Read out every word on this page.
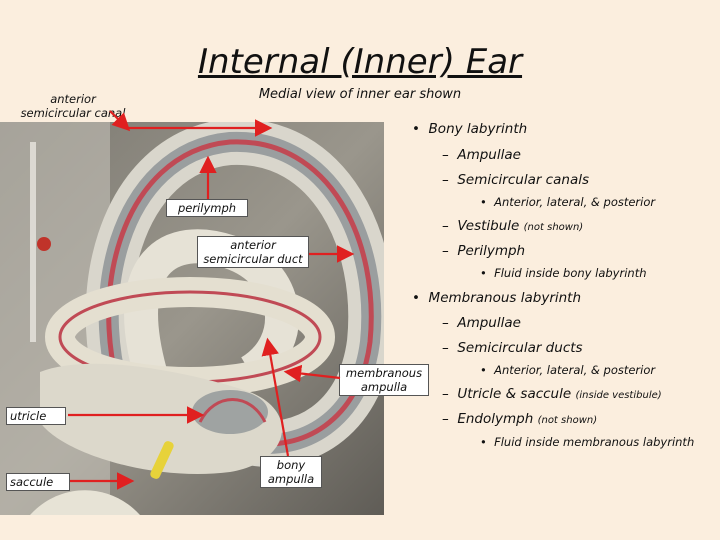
Internal (Inner) Ear
Medial view of inner ear shown
anterior semicircular canal
perilymph
anterior semicircular duct
membranous ampulla
utricle
saccule
bony ampulla
•  Bony labyrinth
–  Ampullae
–  Semicircular canals
•  Anterior, lateral, & posterior
–  Vestibule (not shown)
–  Perilymph
•  Fluid inside bony labyrinth
•  Membranous labyrinth
–  Ampullae
–  Semicircular ducts
•  Anterior, lateral, & posterior
–  Utricle & saccule (inside vestibule)
–  Endolymph (not shown)
•  Fluid inside membranous labyrinth
